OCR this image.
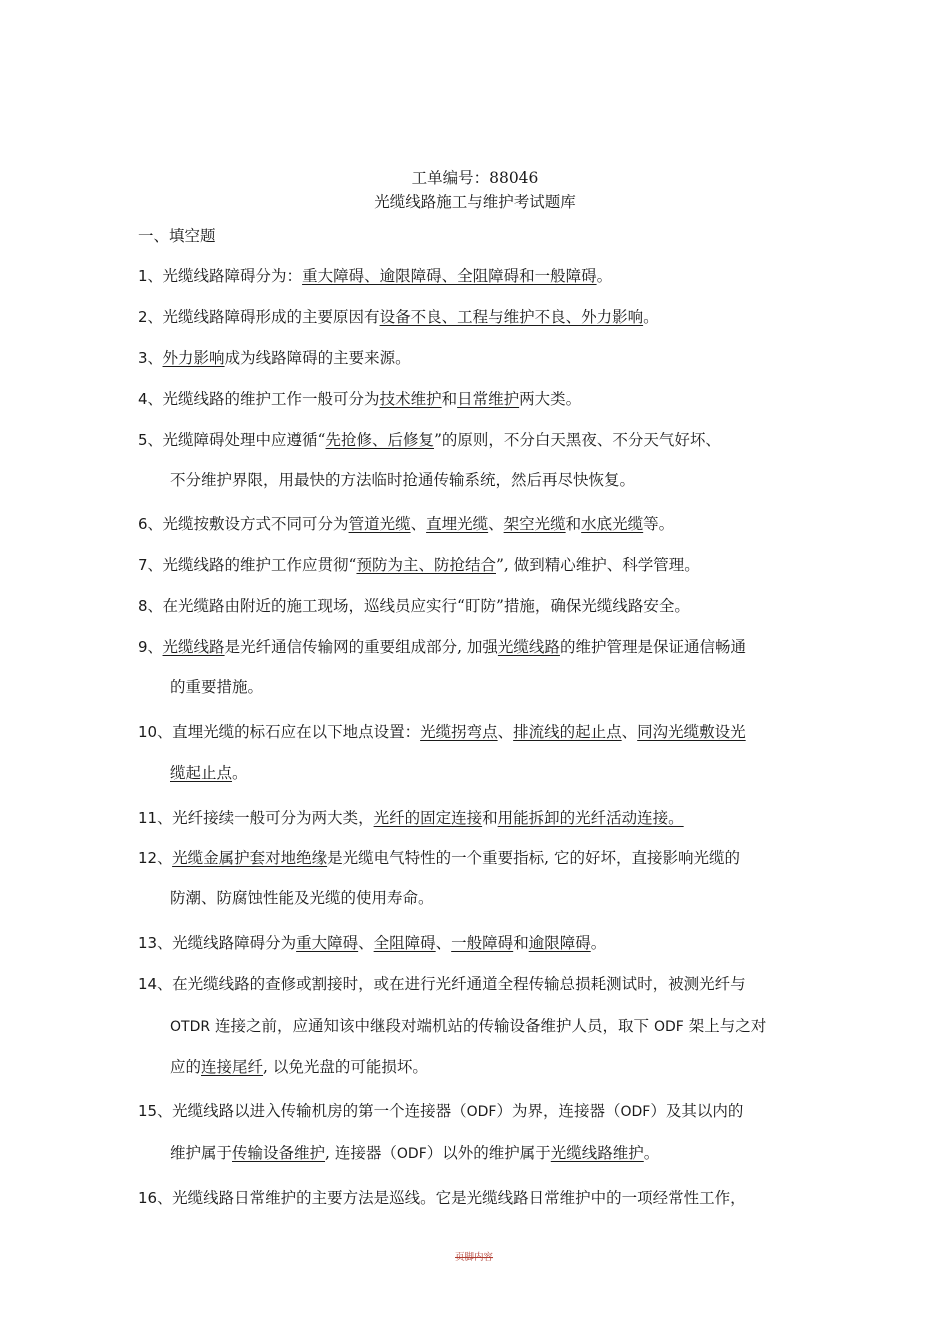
工单编号：88046
光缆线路施工与维护考试题库
一、填空题
1、光缆线路障碍分为：重大障碍、逾限障碍、全阻障碍和一般障碍。
2、光缆线路障碍形成的主要原因有设备不良、工程与维护不良、外力影响。
3、外力影响成为线路障碍的主要来源。
4、光缆线路的维护工作一般可分为技术维护和日常维护两大类。
5、光缆障碍处理中应遵循“先抢修、后修复”的原则，不分白天黑夜、不分天气好坏、
不分维护界限，用最快的方法临时抢通传输系统，然后再尽快恢复。
6、光缆按敷设方式不同可分为管道光缆、直埋光缆、架空光缆和水底光缆等。
7、光缆线路的维护工作应贯彻“预防为主、防抢结合”, 做到精心维护、科学管理。
8、在光缆路由附近的施工现场，巡线员应实行“盯防”措施，确保光缆线路安全。
9、光缆线路是光纤通信传输网的重要组成部分, 加强光缆线路的维护管理是保证通信畅通
的重要措施。
10、直埋光缆的标石应在以下地点设置：光缆拐弯点、排流线的起止点、同沟光缆敷设光
缆起止点。
11、光纤接续一般可分为两大类，光纤的固定连接和用能拆卸的光纤活动连接。
12、光缆金属护套对地绝缘是光缆电气特性的一个重要指标, 它的好坏，直接影响光缆的
防潮、防腐蚀性能及光缆的使用寿命。
13、光缆线路障碍分为重大障碍、全阻障碍、一般障碍和逾限障碍。
14、在光缆线路的查修或割接时，或在进行光纤通道全程传输总损耗测试时，被测光纤与
OTDR 连接之前，应通知该中继段对端机站的传输设备维护人员，取下 ODF 架上与之对
应的连接尾纤, 以免光盘的可能损坏。
15、光缆线路以进入传输机房的第一个连接器（ODF）为界，连接器（ODF）及其以内的
维护属于传输设备维护, 连接器（ODF）以外的维护属于光缆线路维护。
16、光缆线路日常维护的主要方法是巡线。它是光缆线路日常维护中的一项经常性工作，
页脚内容
